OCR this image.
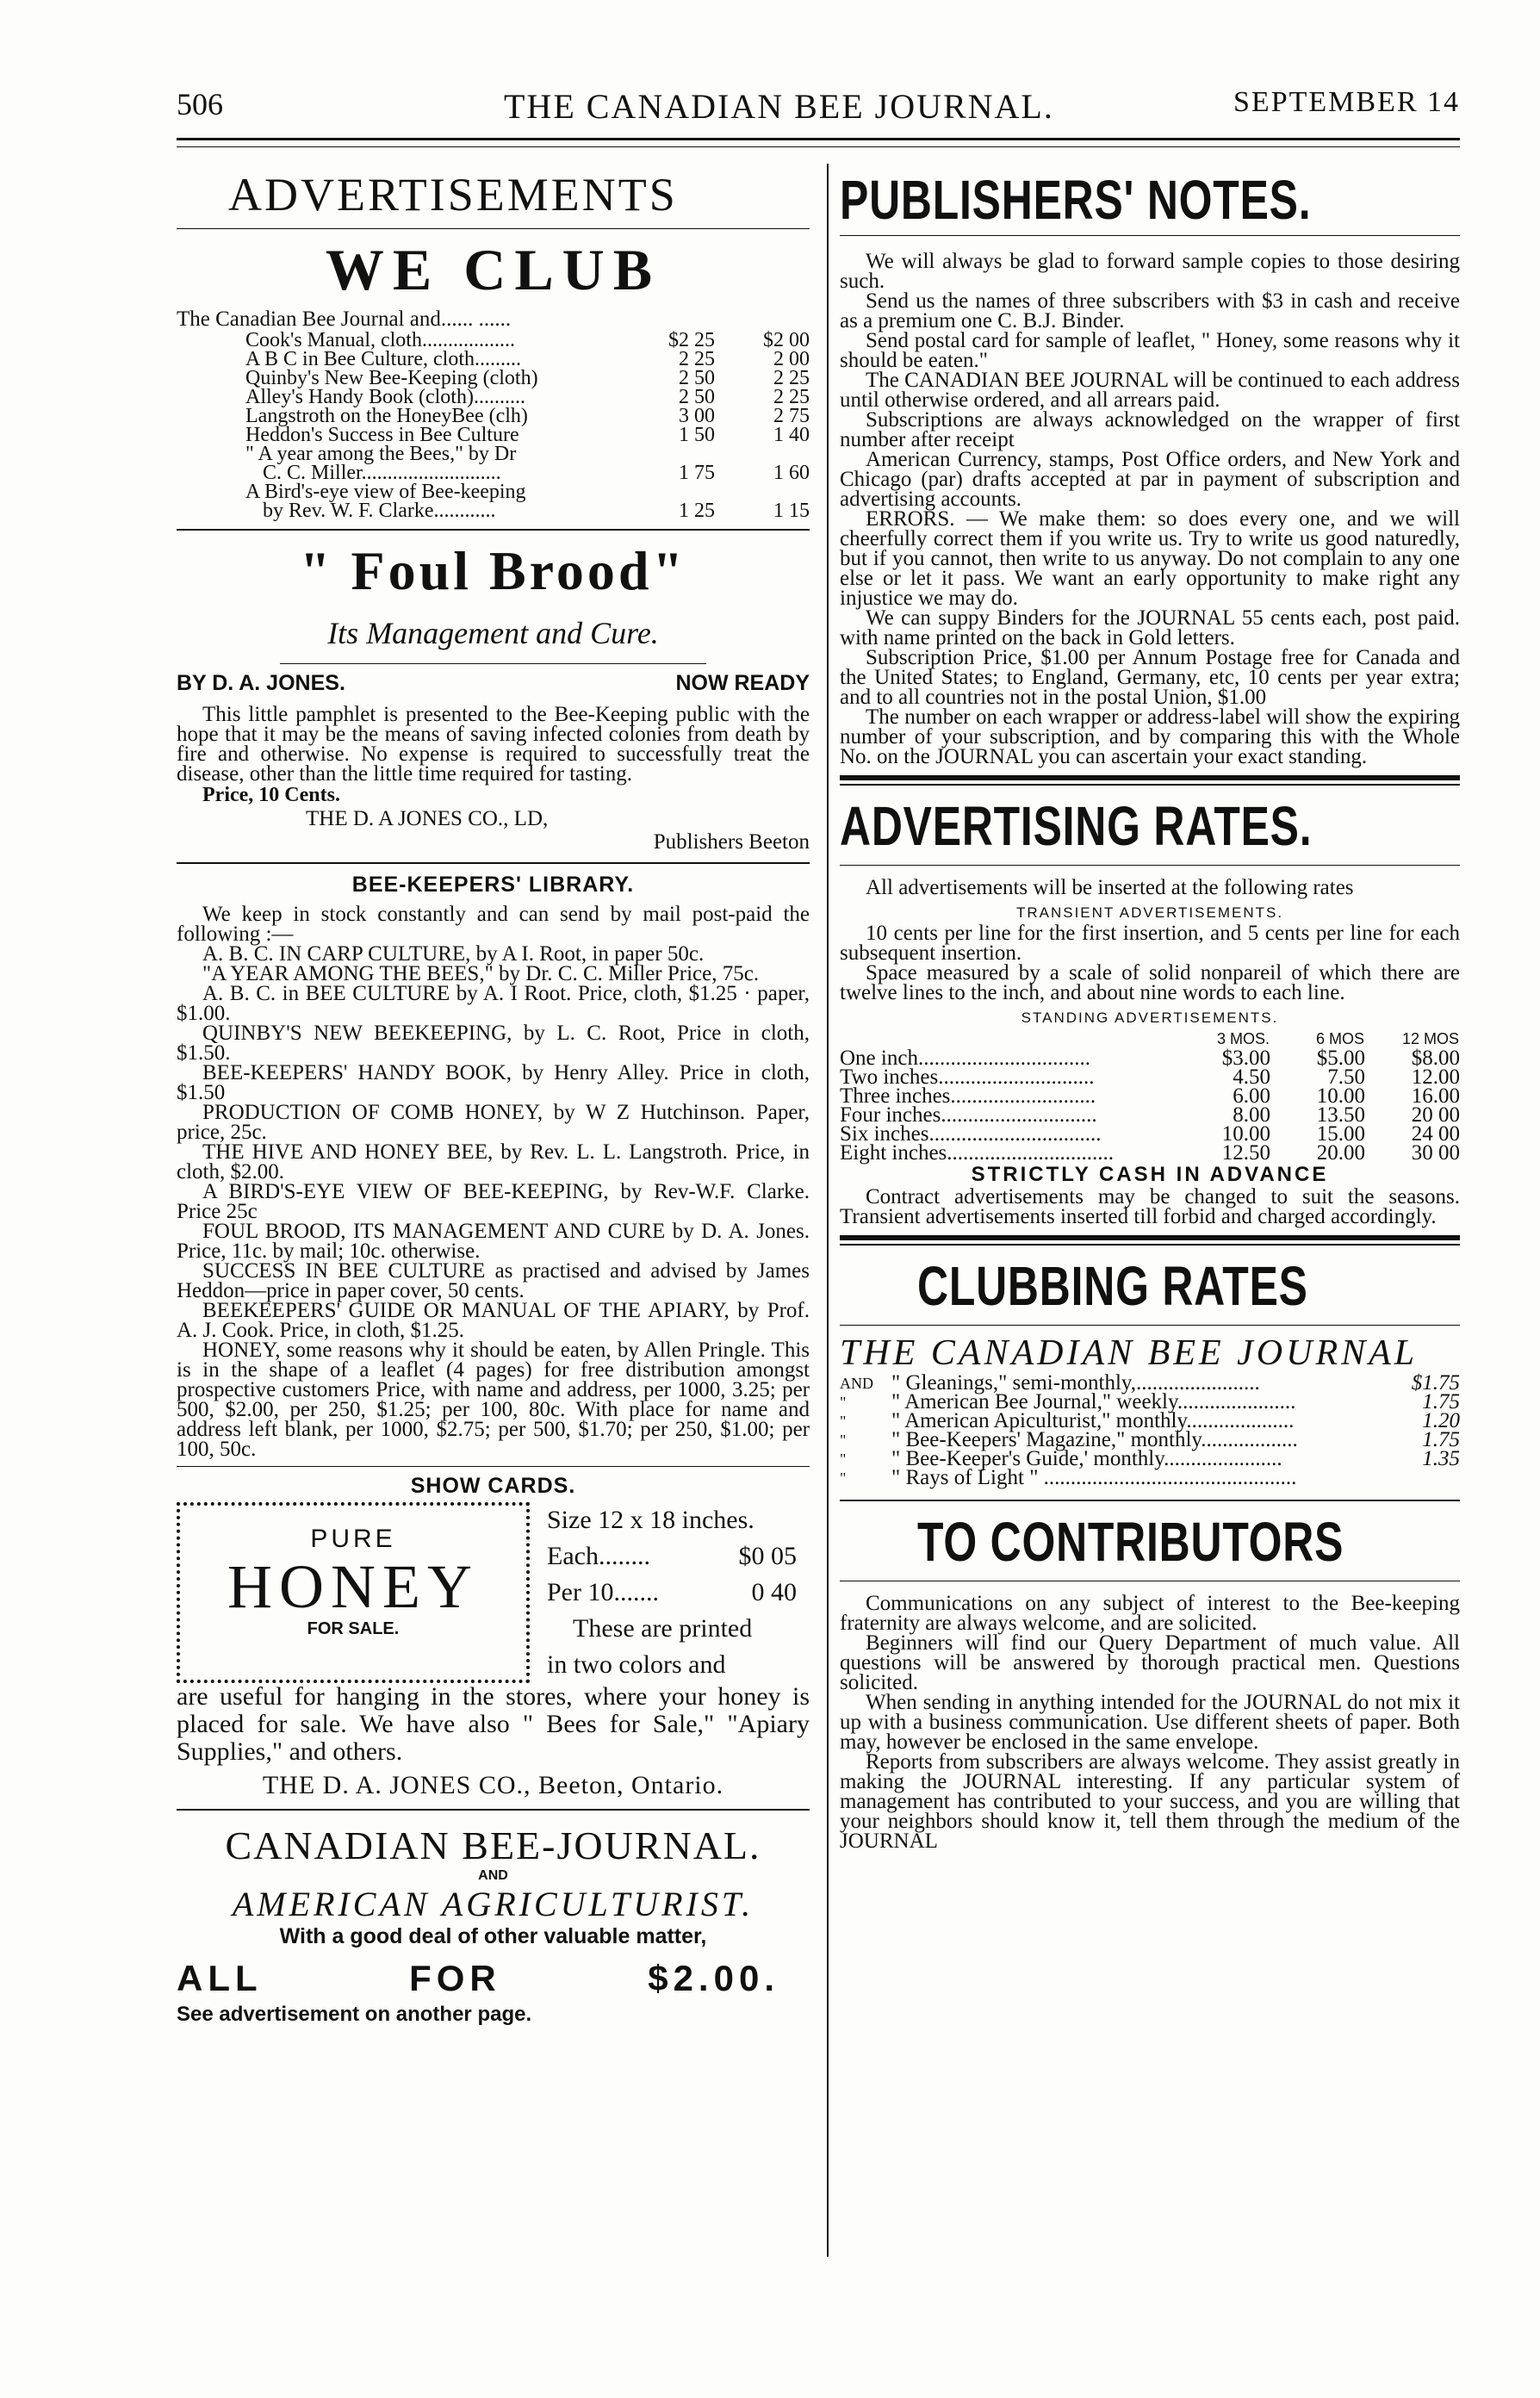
506	THE CANADIAN BEE JOURNAL.	SEPTEMBER 14
ADVERTISEMENTS
WE CLUB
The Canadian Bee Journal and...... ......
Cook's Manual, cloth..................	$2 25	$2 00
A B C in Bee Culture, cloth.........	2 25	2 00
Quinby's New Bee-Keeping (cloth)	2 50	2 25
Alley's Handy Book (cloth)..........	2 50	2 25
Langstroth on the HoneyBee (clh)	3 00	2 75
Heddon's Success in Bee Culture	1 50	1 40
" A year among the Bees," by Dr		
C. C. Miller...........................	1 75	1 60
A Bird's-eye view of Bee-keeping		
by Rev. W. F. Clarke............	1 25	1 15
" Foul Brood"
Its Management and Cure.
BY D. A. JONES.	NOW READY

This little pamphlet is presented to the Bee-Keeping public with the hope that it may be the means of saving infected colonies from death by fire and otherwise. No expense is required to successfully treat the disease, other than the little time required for tasting.

Price, 10 Cents.
THE D. A JONES CO., LD,
Publishers Beeton
BEE-KEEPERS' LIBRARY.

We keep in stock constantly and can send by mail post-paid the following :—

A. B. C. IN CARP CULTURE, by A I. Root, in paper 50c.

"A YEAR AMONG THE BEES," by Dr. C. C. Miller Price, 75c.

A. B. C. in BEE CULTURE by A. I Root. Price, cloth, $1.25 · paper, $1.00.

QUINBY'S NEW BEEKEEPING, by L. C. Root, Price in cloth, $1.50.

BEE-KEEPERS' HANDY BOOK, by Henry Alley. Price in cloth, $1.50

PRODUCTION OF COMB HONEY, by W Z Hutchinson. Paper, price, 25c.

THE HIVE AND HONEY BEE, by Rev. L. L. Langstroth. Price, in cloth, $2.00.

A BIRD'S-EYE VIEW OF BEE-KEEPING, by Rev-W.F. Clarke. Price 25c

FOUL BROOD, ITS MANAGEMENT AND CURE by D. A. Jones. Price, 11c. by mail; 10c. otherwise.

SUCCESS IN BEE CULTURE as practised and advised by James Heddon—price in paper cover, 50 cents.

BEEKEEPERS' GUIDE OR MANUAL OF THE APIARY, by Prof. A. J. Cook. Price, in cloth, $1.25.

HONEY, some reasons why it should be eaten, by Allen Pringle. This is in the shape of a leaflet (4 pages) for free distribution amongst prospective customers Price, with name and address, per 1000, 3.25; per 500, $2.00, per 250, $1.25; per 100, 80c. With place for name and address left blank, per 1000, $2.75; per 500, $1.70; per 250, $1.00; per 100, 50c.

SHOW CARDS.
PURE
HONEY
FOR SALE.
Size 12 x 18 inches.
Each........	$0 05
Per 10.......	0 40
These are printed
in two colors and
are useful for hanging in the stores, where your honey is placed for sale. We have also " Bees for Sale," "Apiary Supplies," and others.
THE D. A. JONES CO., Beeton, Ontario.
CANADIAN BEE-JOURNAL.
AND
AMERICAN AGRICULTURIST.
With a good deal of other valuable matter,
ALL	FOR	$2.00.
See advertisement on another page.
PUBLISHERS' NOTES.

We will always be glad to forward sample copies to those desiring such.

Send us the names of three subscribers with $3 in cash and receive as a premium one C. B.J. Binder.

Send postal card for sample of leaflet, " Honey, some reasons why it should be eaten."

The CANADIAN BEE JOURNAL will be continued to each address until otherwise ordered, and all arrears paid.

Subscriptions are always acknowledged on the wrapper of first number after receipt

American Currency, stamps, Post Office orders, and New York and Chicago (par) drafts accepted at par in payment of subscription and advertising accounts.

ERRORS. — We make them: so does every one, and we will cheerfully correct them if you write us. Try to write us good naturedly, but if you cannot, then write to us anyway. Do not complain to any one else or let it pass. We want an early opportunity to make right any injustice we may do.

We can suppy Binders for the JOURNAL 55 cents each, post paid. with name printed on the back in Gold letters.

Subscription Price, $1.00 per Annum Postage free for Canada and the United States; to England, Germany, etc, 10 cents per year extra; and to all countries not in the postal Union, $1.00

The number on each wrapper or address-label will show the expiring number of your subscription, and by comparing this with the Whole No. on the JOURNAL you can ascertain your exact standing.

ADVERTISING RATES.

All advertisements will be inserted at the following rates

TRANSIENT ADVERTISEMENTS.

10 cents per line for the first insertion, and 5 cents per line for each subsequent insertion.

Space measured by a scale of solid nonpareil of which there are twelve lines to the inch, and about nine words to each line.

STANDING ADVERTISEMENTS.
	3 MOS.	6 MOS	12 MOS
One inch................................	$3.00	$5.00	$8.00
Two inches.............................	4.50	7.50	12.00
Three inches...........................	6.00	10.00	16.00
Four inches.............................	8.00	13.50	20 00
Six inches................................	10.00	15.00	24 00
Eight inches...............................	12.50	20.00	30 00
STRICTLY CASH IN ADVANCE

Contract advertisements may be changed to suit the seasons. Transient advertisements inserted till forbid and charged accordingly.

CLUBBING RATES
THE CANADIAN BEE JOURNAL
AND	" Gleanings," semi-monthly,.......................	$1.75
"	" American Bee Journal," weekly......................	1.75
"	" American Apiculturist," monthly....................	1.20
"	" Bee-Keepers' Magazine," monthly..................	1.75
"	" Bee-Keeper's Guide,' monthly......................	1.35
"	" Rays of Light " ...............................................	
TO CONTRIBUTORS

Communications on any subject of interest to the Bee-keeping fraternity are always welcome, and are solicited.

Beginners will find our Query Department of much value. All questions will be answered by thorough practical men. Questions solicited.

When sending in anything intended for the JOURNAL do not mix it up with a business communication. Use different sheets of paper. Both may, however be enclosed in the same envelope.

Reports from subscribers are always welcome. They assist greatly in making the JOURNAL interesting. If any particular system of management has contributed to your success, and you are willing that your neighbors should know it, tell them through the medium of the JOURNAL
